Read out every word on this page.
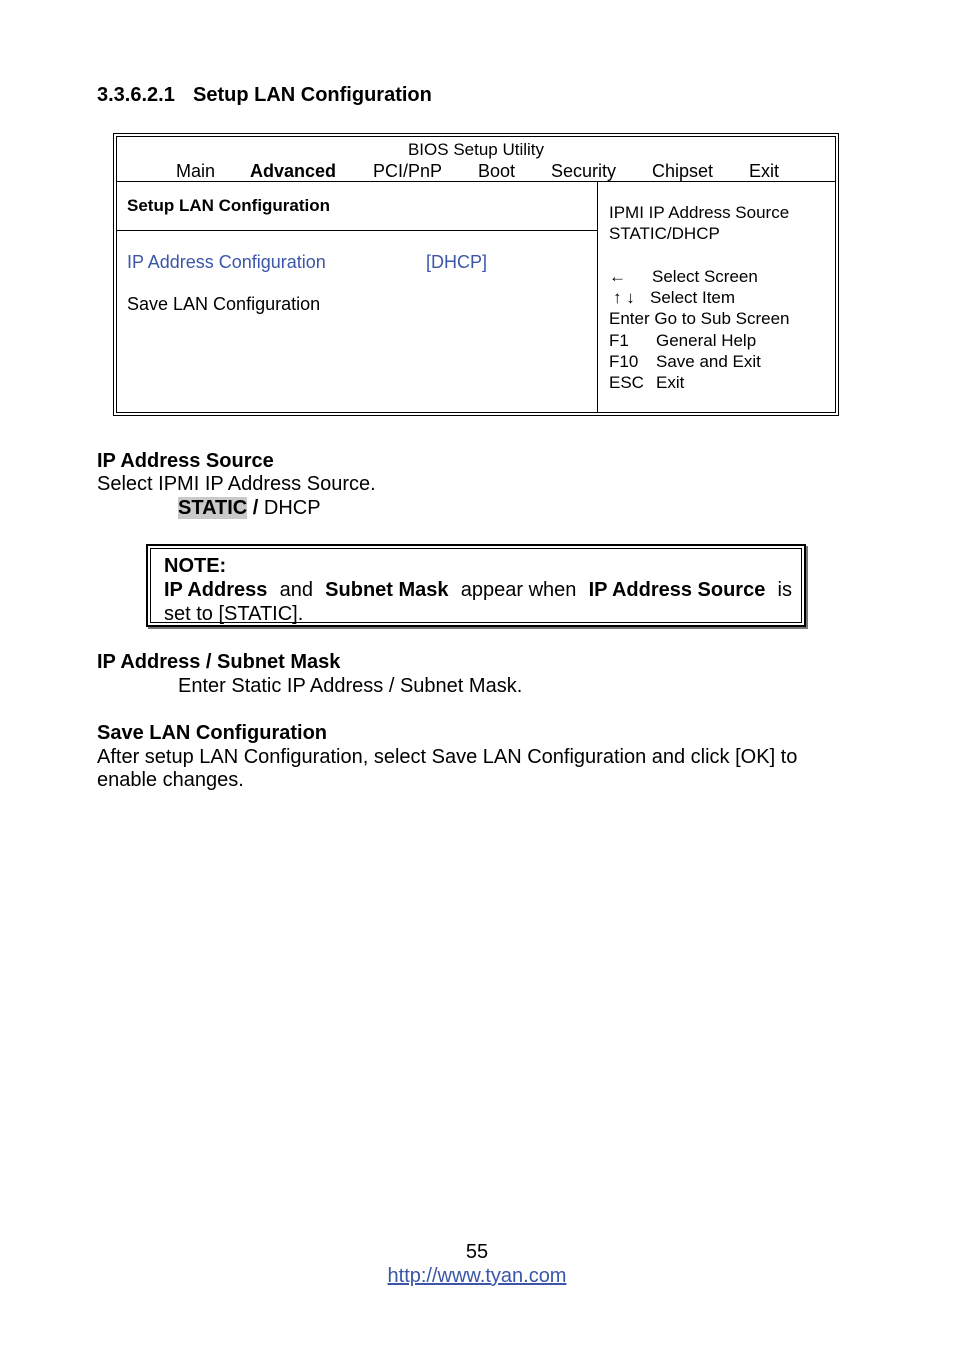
3.3.6.2.1 Setup LAN Configuration
BIOS Setup Utility
Main Advanced PCI/PnP Boot Security Chipset Exit
Setup LAN Configuration
IP Address Configuration	[DHCP]
Save LAN Configuration
IPMI IP Address Source
STATIC/DHCP
← Select Screen
↑ ↓ Select Item
Enter Go to Sub Screen
F1 General Help
F10 Save and Exit
ESC Exit
IP Address Source
Select IPMI IP Address Source.
STATIC / DHCP
NOTE:
IP Address and Subnet Mask appear when IP Address Source is
set to [STATIC].
IP Address / Subnet Mask
Enter Static IP Address / Subnet Mask.
Save LAN Configuration
After setup LAN Configuration, select Save LAN Configuration and click [OK] to
enable changes.
55
http://www.tyan.com
